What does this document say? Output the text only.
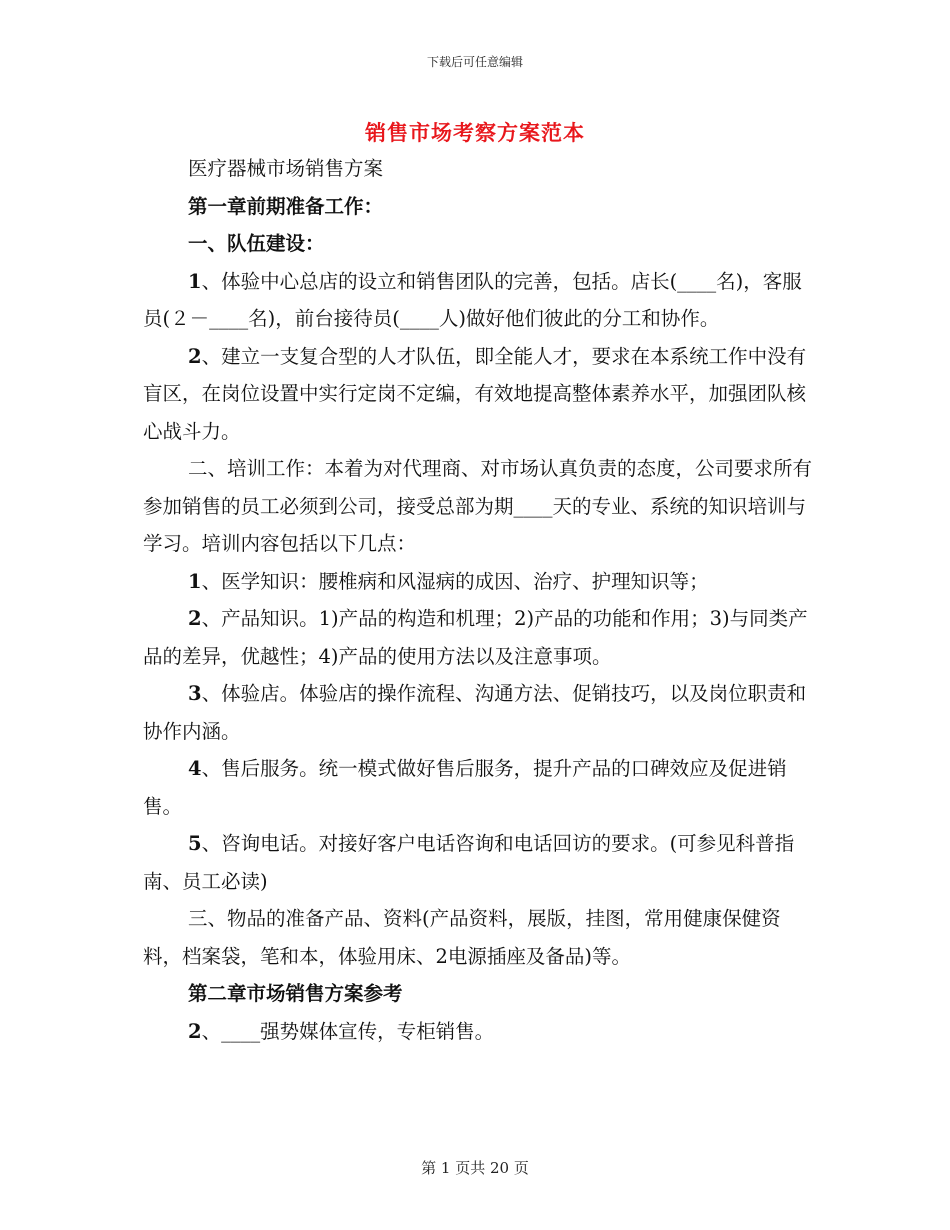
下载后可任意编辑
销售市场考察方案范本

医疗器械市场销售方案

第一章前期准备工作：

一、队伍建设：

1、体验中心总店的设立和销售团队的完善，包括。店长(____名)，客服员(２－____名)，前台接待员(____人)做好他们彼此的分工和协作。

2、建立一支复合型的人才队伍，即全能人才，要求在本系统工作中没有盲区，在岗位设置中实行定岗不定编，有效地提高整体素养水平，加强团队核心战斗力。

二、培训工作：本着为对代理商、对市场认真负责的态度，公司要求所有参加销售的员工必须到公司，接受总部为期____天的专业、系统的知识培训与学习。培训内容包括以下几点：

1、医学知识：腰椎病和风湿病的成因、治疗、护理知识等；

2、产品知识。1)产品的构造和机理；2)产品的功能和作用；3)与同类产品的差异，优越性；4)产品的使用方法以及注意事项。

3、体验店。体验店的操作流程、沟通方法、促销技巧，以及岗位职责和协作内涵。

4、售后服务。统一模式做好售后服务，提升产品的口碑效应及促进销售。

5、咨询电话。对接好客户电话咨询和电话回访的要求。(可参见科普指南、员工必读)

三、物品的准备产品、资料(产品资料，展版，挂图，常用健康保健资料，档案袋，笔和本，体验用床、2电源插座及备品)等。

第二章市场销售方案参考

2、____强势媒体宣传，专柜销售。

第 1 页共 20 页
